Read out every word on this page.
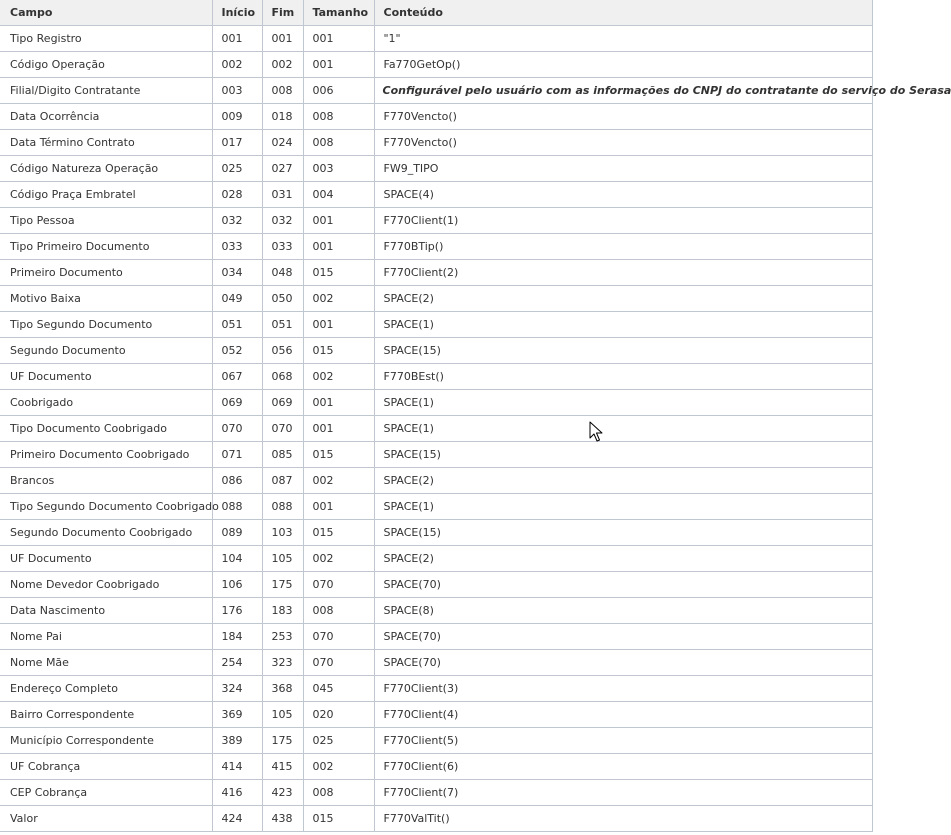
Campo	Início	Fim	Tamanho	Conteúdo
Tipo Registro	001	001	001	"1"
Código Operação	002	002	001	Fa770GetOp()
Filial/Digito Contratante	003	008	006	Configurável pelo usuário com as informações do CNPJ do contratante do serviço do Serasa
Data Ocorrência	009	018	008	F770Vencto()
Data Término Contrato	017	024	008	F770Vencto()
Código Natureza Operação	025	027	003	FW9_TIPO
Código Praça Embratel	028	031	004	SPACE(4)
Tipo Pessoa	032	032	001	F770Client(1)
Tipo Primeiro Documento	033	033	001	F770BTip()
Primeiro Documento	034	048	015	F770Client(2)
Motivo Baixa	049	050	002	SPACE(2)
Tipo Segundo Documento	051	051	001	SPACE(1)
Segundo Documento	052	056	015	SPACE(15)
UF Documento	067	068	002	F770BEst()
Coobrigado	069	069	001	SPACE(1)
Tipo Documento Coobrigado	070	070	001	SPACE(1)
Primeiro Documento Coobrigado	071	085	015	SPACE(15)
Brancos	086	087	002	SPACE(2)
Tipo Segundo Documento Coobrigado	088	088	001	SPACE(1)
Segundo Documento Coobrigado	089	103	015	SPACE(15)
UF Documento	104	105	002	SPACE(2)
Nome Devedor Coobrigado	106	175	070	SPACE(70)
Data Nascimento	176	183	008	SPACE(8)
Nome Pai	184	253	070	SPACE(70)
Nome Mãe	254	323	070	SPACE(70)
Endereço Completo	324	368	045	F770Client(3)
Bairro Correspondente	369	105	020	F770Client(4)
Município Correspondente	389	175	025	F770Client(5)
UF Cobrança	414	415	002	F770Client(6)
CEP Cobrança	416	423	008	F770Client(7)
Valor	424	438	015	F770ValTit()
